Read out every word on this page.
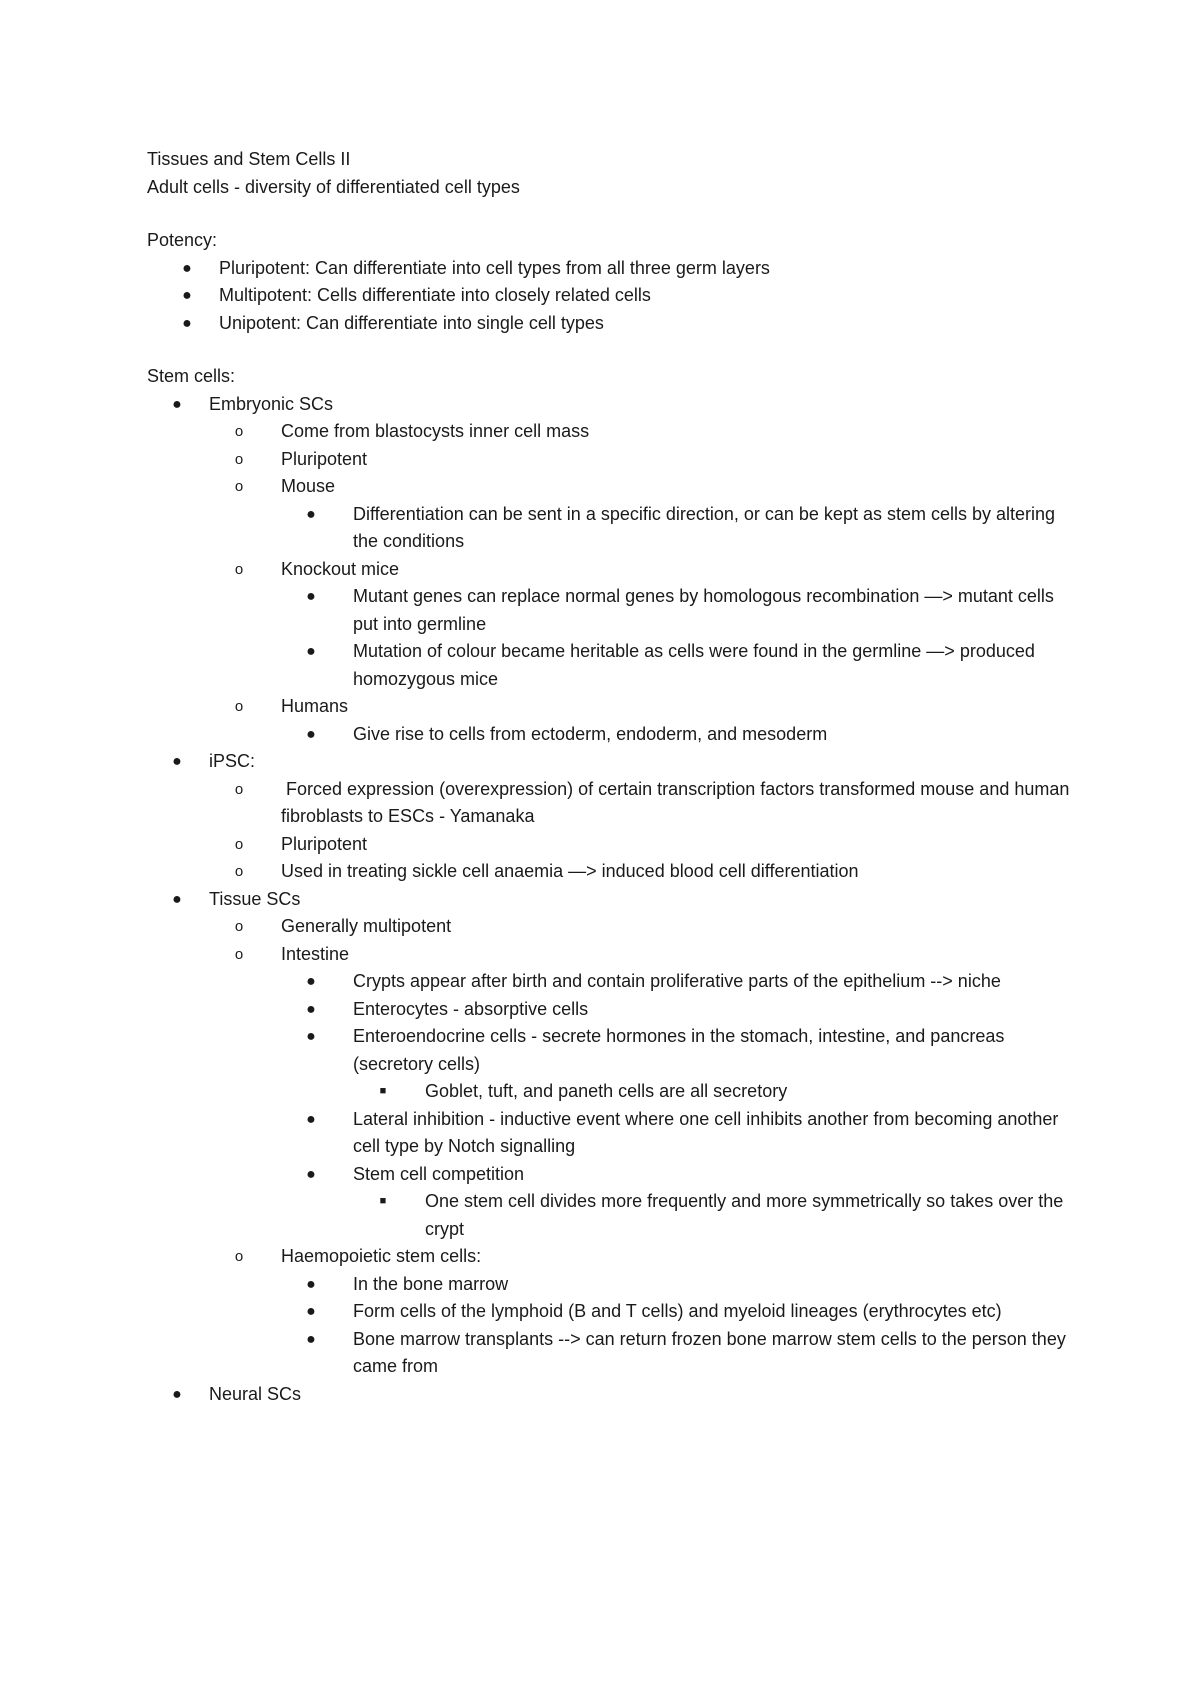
Tissues and Stem Cells II

Adult cells - diversity of differentiated cell types

Potency:

● Pluripotent: Can differentiate into cell types from all three germ layers
● Multipotent: Cells differentiate into closely related cells
● Unipotent: Can differentiate into single cell types

Stem cells:

● Embryonic SCs
o	Come from blastocysts inner cell mass
o	Pluripotent
o	Mouse
● Differentiation can be sent in a specific direction, or can be kept as stem cells by altering the conditions
o	Knockout mice
● Mutant genes can replace normal genes by homologous recombination —> mutant cells put into germline
● Mutation of colour became heritable as cells were found in the germline —> produced homozygous mice
o	Humans
● Give rise to cells from ectoderm, endoderm, and mesoderm
● iPSC:
o	Forced expression (overexpression) of certain transcription factors transformed mouse and human fibroblasts to ESCs - Yamanaka
o	Pluripotent
o	Used in treating sickle cell anaemia —> induced blood cell differentiation
● Tissue SCs
o	Generally multipotent
o	Intestine
● Crypts appear after birth and contain proliferative parts of the epithelium --> niche
● Enterocytes - absorptive cells
● Enteroendocrine cells - secrete hormones in the stomach, intestine, and pancreas (secretory cells)
■	Goblet, tuft, and paneth cells are all secretory
● Lateral inhibition - inductive event where one cell inhibits another from becoming another cell type by Notch signalling
● Stem cell competition
■	One stem cell divides more frequently and more symmetrically so takes over the crypt
o	Haemopoietic stem cells:
● In the bone marrow
● Form cells of the lymphoid (B and T cells) and myeloid lineages (erythrocytes etc)
● Bone marrow transplants --> can return frozen bone marrow stem cells to the person they came from
● Neural SCs
